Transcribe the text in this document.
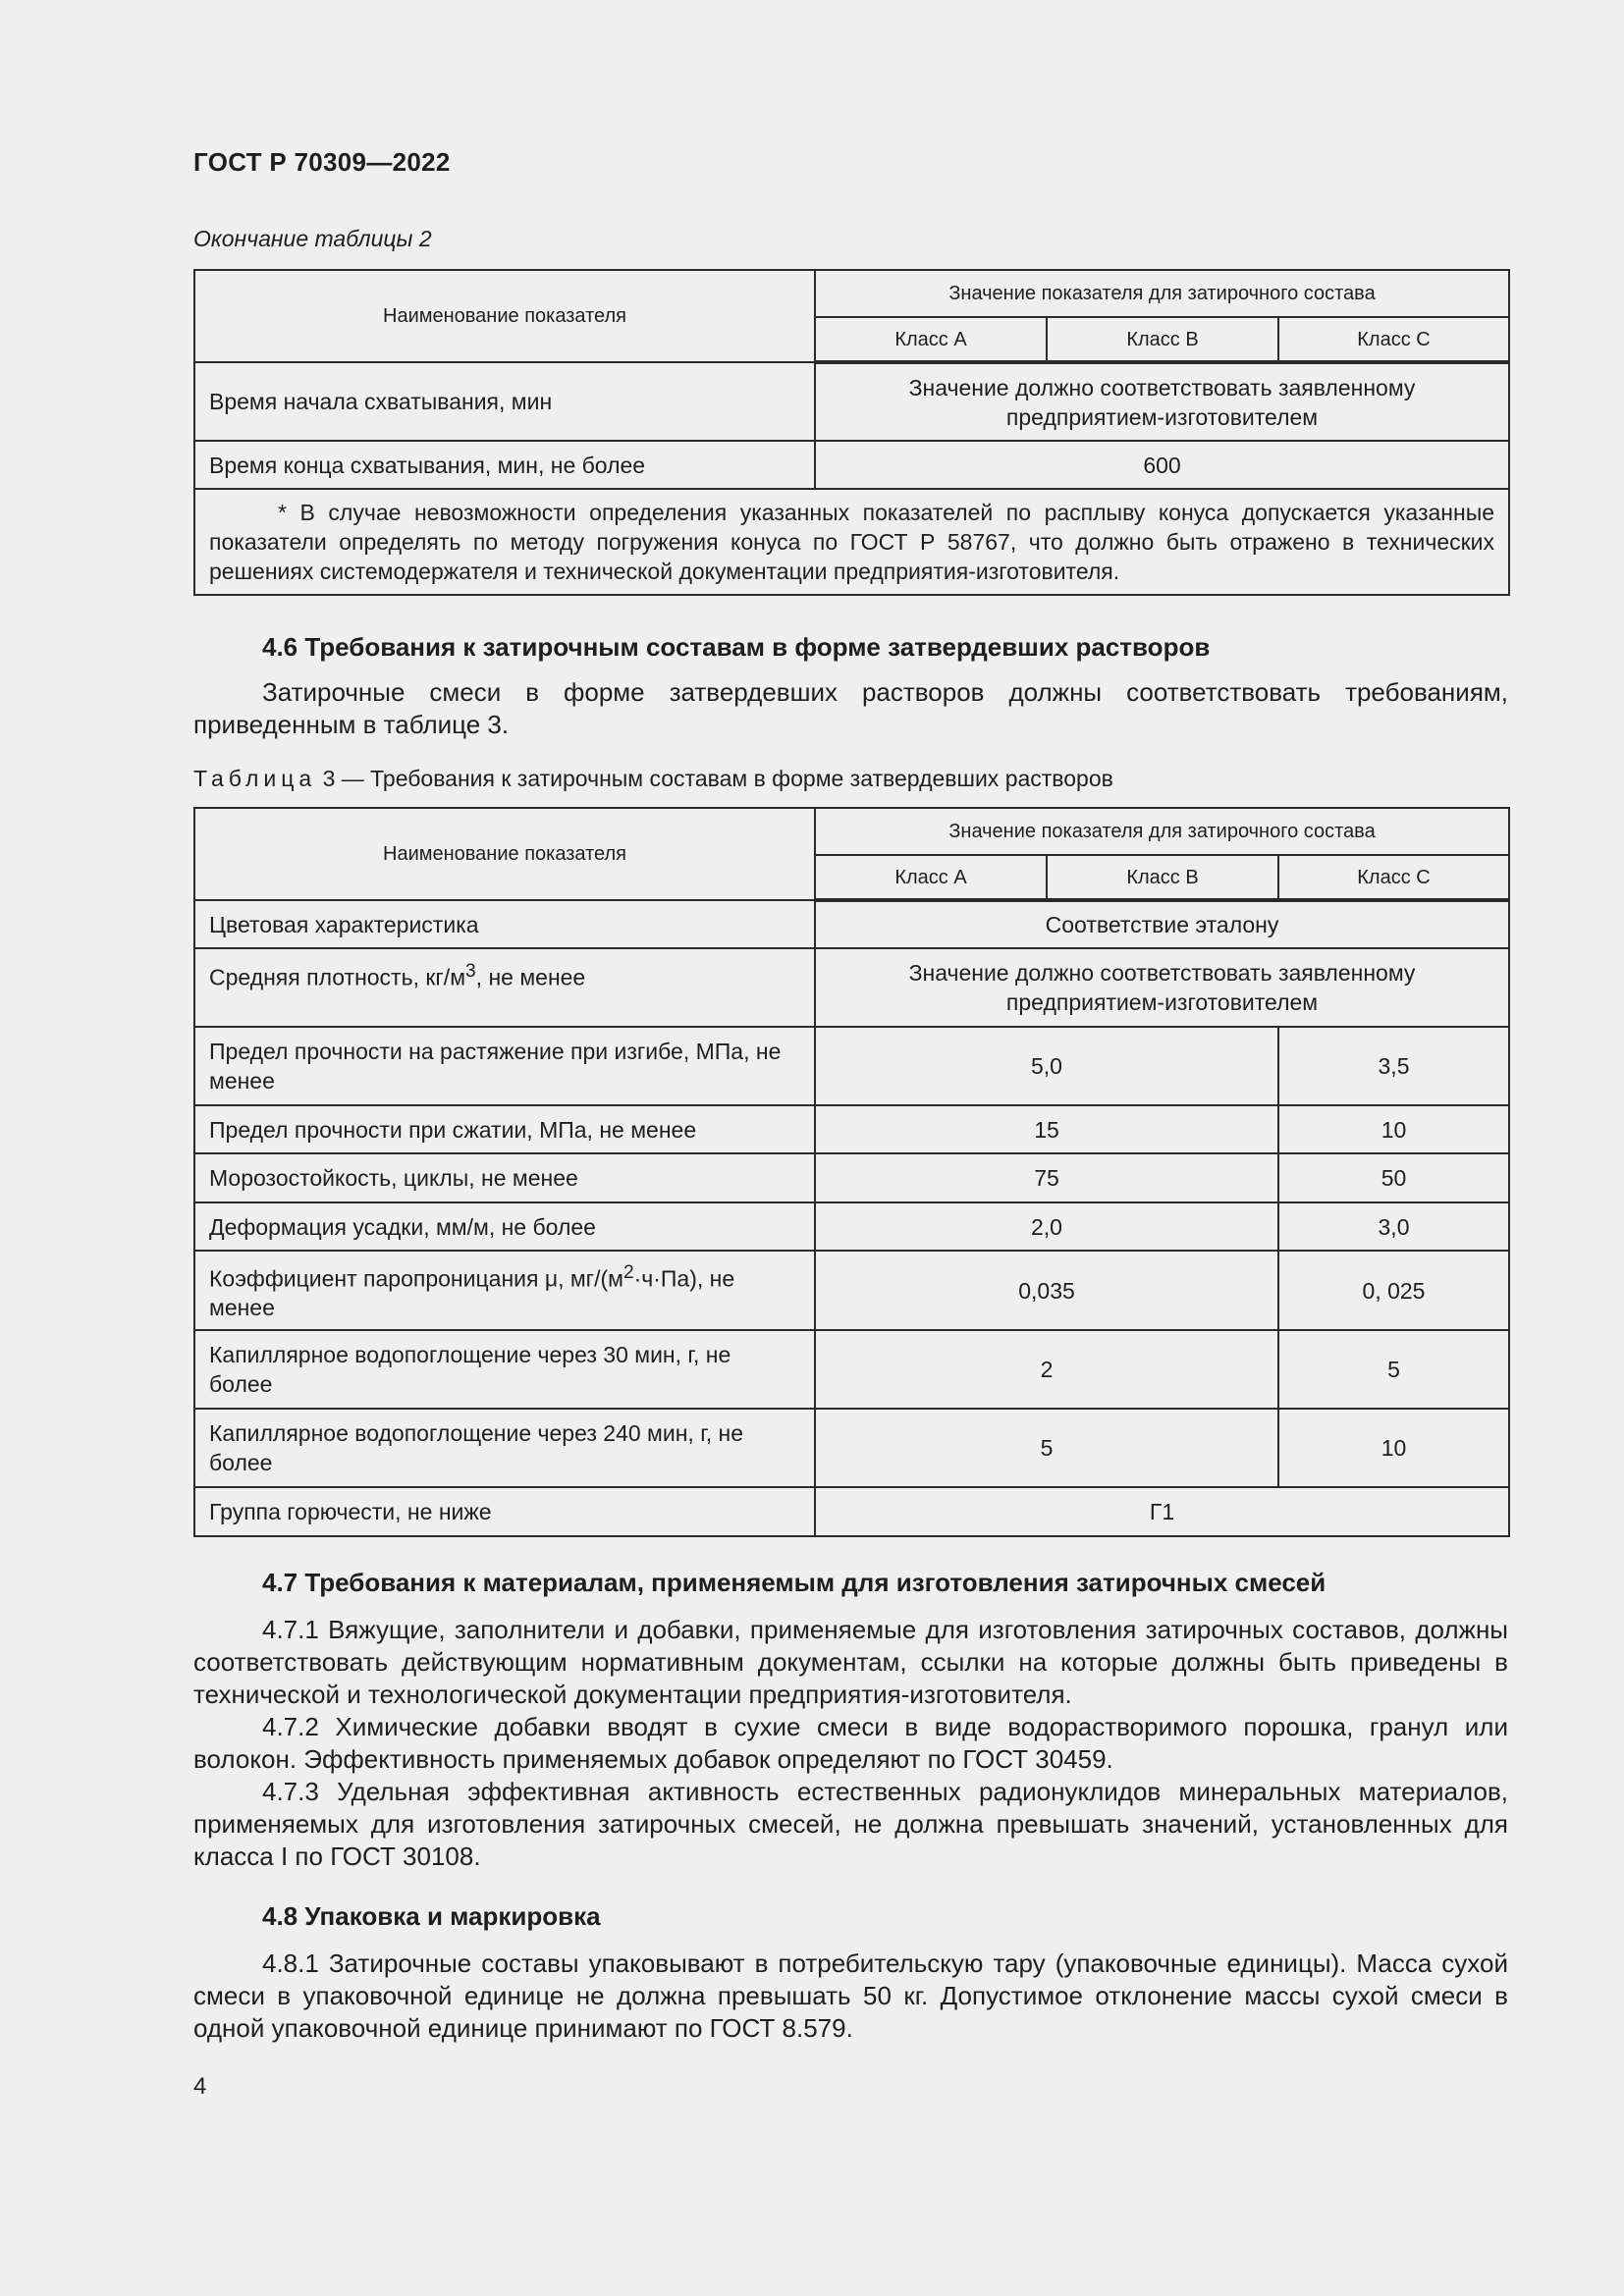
ГОСТ Р 70309—2022
Окончание таблицы 2
Наименование показателя	Значение показателя для затирочного состава		
	Класс А	Класс В	Класс С
Время начала схватывания, мин	Значение должно соответствовать заявленному предприятием-изготовителем		
Время конца схватывания, мин, не более	600		
* В случае невозможности определения указанных показателей по расплыву конуса допускается указанные показатели определять по методу погружения конуса по ГОСТ Р 58767, что должно быть отражено в технических решениях системодержателя и технической документации предприятия-изготовителя.			
4.6 Требования к затирочным составам в форме затвердевших растворов

Затирочные смеси в форме затвердевших растворов должны соответствовать требованиям, приведенным в таблице 3.

Таблица 3 — Требования к затирочным составам в форме затвердевших растворов
Наименование показателя	Значение показателя для затирочного состава		
	Класс А	Класс В	Класс С
Цветовая характеристика	Соответствие эталону		
Средняя плотность, $кг/м^3$, не менее	Значение должно соответствовать заявленному предприятием-изготовителем		
Предел прочности на растяжение при изгибе, МПа, не менее	5,0		3,5
Предел прочности при сжатии, МПа, не менее	15		10
Морозостойкость, циклы, не менее	75		50
Деформация усадки, мм/м, не более	2,0		3,0
Коэффициент паропроницания μ, $мг/(м^2\cdot ч\cdot Па)$, не менее	0,035		0, 025
Капиллярное водопоглощение через 30 мин, г, не более	2		5
Капиллярное водопоглощение через 240 мин, г, не более	5		10
Группа горючести, не ниже	Г1		
4.7 Требования к материалам, применяемым для изготовления затирочных смесей

4.7.1 Вяжущие, заполнители и добавки, применяемые для изготовления затирочных составов, должны соответствовать действующим нормативным документам, ссылки на которые должны быть приведены в технической и технологической документации предприятия-изготовителя.

4.7.2 Химические добавки вводят в сухие смеси в виде водорастворимого порошка, гранул или волокон. Эффективность применяемых добавок определяют по ГОСТ 30459.

4.7.3 Удельная эффективная активность естественных радионуклидов минеральных материалов, применяемых для изготовления затирочных смесей, не должна превышать значений, установленных для класса I по ГОСТ 30108.

4.8 Упаковка и маркировка

4.8.1 Затирочные составы упаковывают в потребительскую тару (упаковочные единицы). Масса сухой смеси в упаковочной единице не должна превышать 50 кг. Допустимое отклонение массы сухой смеси в одной упаковочной единице принимают по ГОСТ 8.579.

4
